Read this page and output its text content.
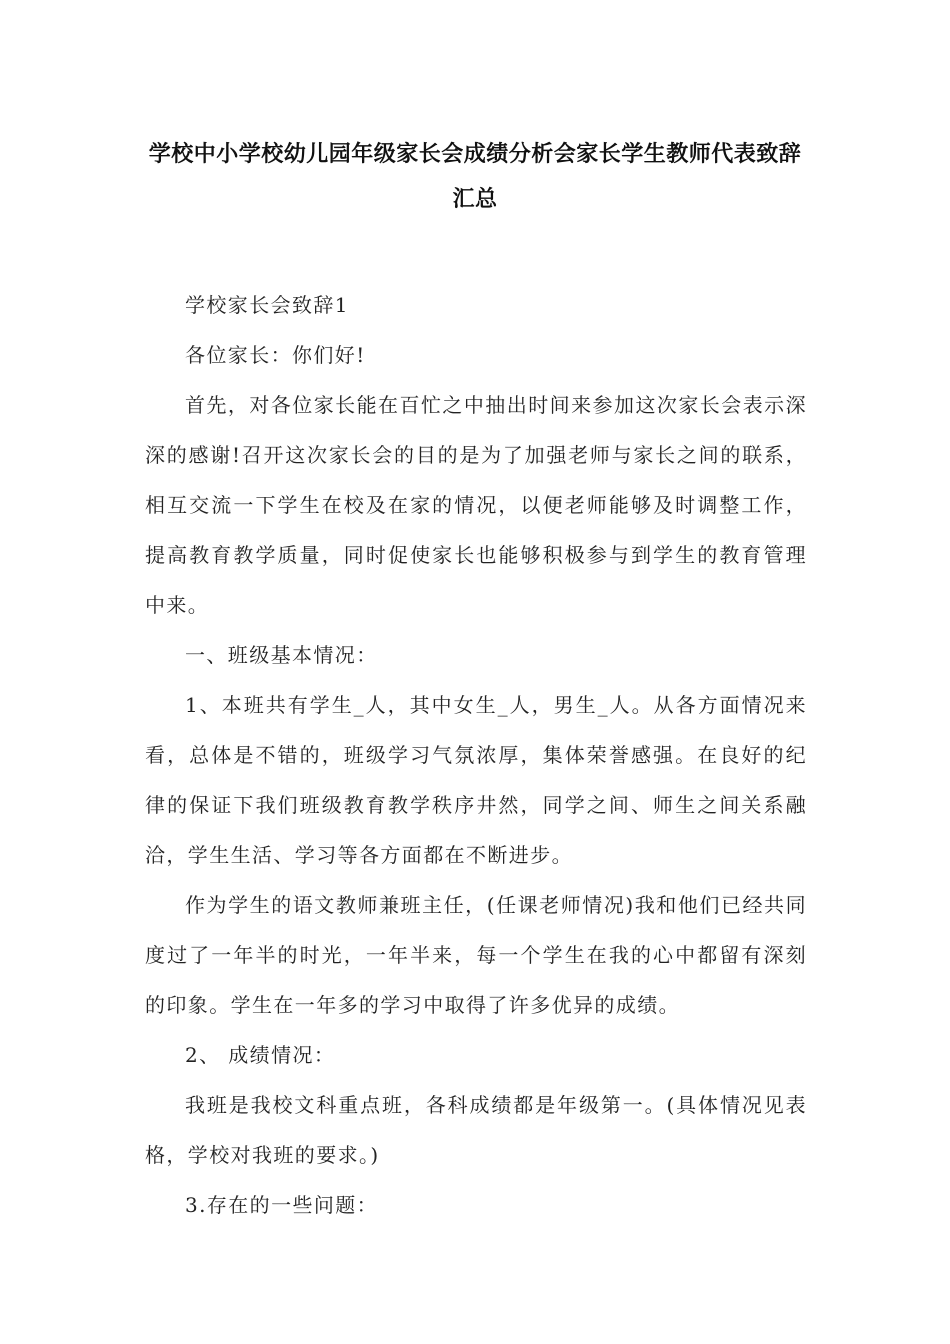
学校中小学校幼儿园年级家长会成绩分析会家长学生教师代表致辞
汇总

学校家长会致辞1

各位家长：你们好!

首先，对各位家长能在百忙之中抽出时间来参加这次家长会表示深深的感谢!召开这次家长会的目的是为了加强老师与家长之间的联系，相互交流一下学生在校及在家的情况，以便老师能够及时调整工作，提高教育教学质量，同时促使家长也能够积极参与到学生的教育管理中来。

一、班级基本情况：

1、本班共有学生_人，其中女生_人，男生_人。从各方面情况来看，总体是不错的，班级学习气氛浓厚，集体荣誉感强。在良好的纪律的保证下我们班级教育教学秩序井然，同学之间、师生之间关系融洽，学生生活、学习等各方面都在不断进步。

作为学生的语文教师兼班主任，(任课老师情况)我和他们已经共同度过了一年半的时光，一年半来，每一个学生在我的心中都留有深刻的印象。学生在一年多的学习中取得了许多优异的成绩。

2、 成绩情况：

我班是我校文科重点班，各科成绩都是年级第一。(具体情况见表格，学校对我班的要求。)

3.存在的一些问题：
